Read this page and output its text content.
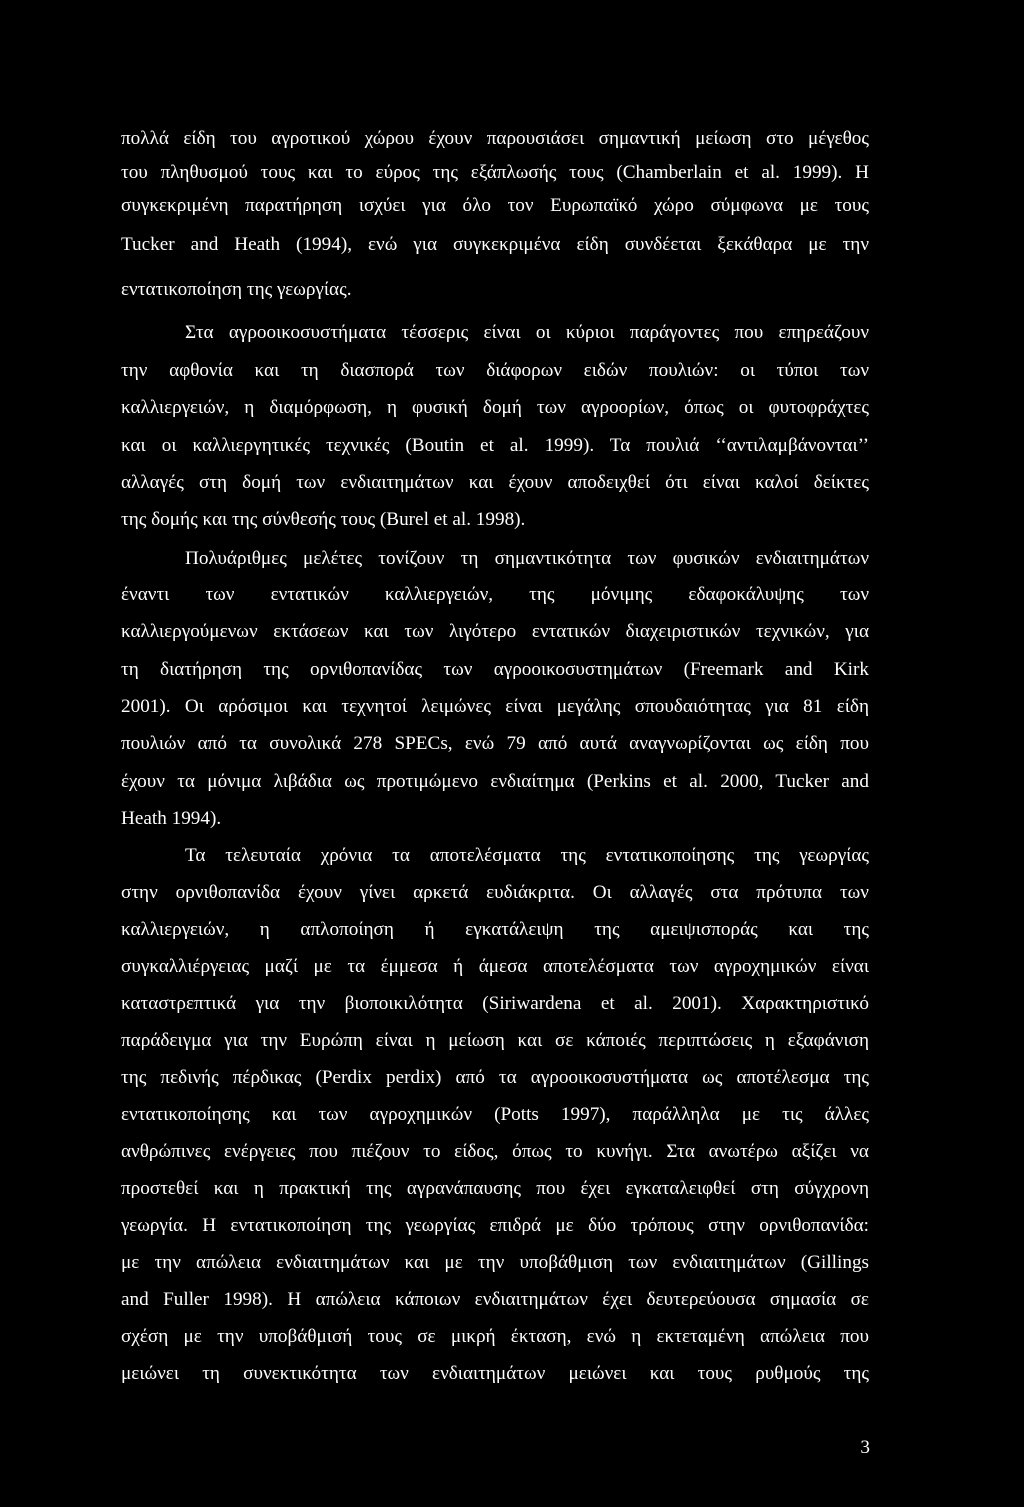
πολλά είδη του αγροτικού χώρου έχουν παρουσιάσει σημαντική μείωση στο μέγεθος
του πληθυσμού τους και το εύρος της εξάπλωσής τους (Chamberlain et al. 1999). Η
συγκεκριμένη παρατήρηση ισχύει για όλο τον Ευρωπαϊκό χώρο σύμφωνα με τους
Tucker and Heath (1994), ενώ για συγκεκριμένα είδη συνδέεται ξεκάθαρα με την
εντατικοποίηση της γεωργίας.
Στα αγροοικοσυστήματα τέσσερις είναι οι κύριοι παράγοντες που επηρεάζουν
την αφθονία και τη διασπορά των διάφορων ειδών πουλιών: οι τύποι των
καλλιεργειών, η διαμόρφωση, η φυσική δομή των αγροορίων, όπως οι φυτοφράχτες
και οι καλλιεργητικές τεχνικές (Boutin et al. 1999). Τα πουλιά ‘‘αντιλαμβάνονται’’
αλλαγές στη δομή των ενδιαιτημάτων και έχουν αποδειχθεί ότι είναι καλοί δείκτες
της δομής και της σύνθεσής τους (Burel et al. 1998).
Πολυάριθμες μελέτες τονίζουν τη σημαντικότητα των φυσικών ενδιαιτημάτων
έναντι των εντατικών καλλιεργειών, της μόνιμης εδαφοκάλυψης των
καλλιεργούμενων εκτάσεων και των λιγότερο εντατικών διαχειριστικών τεχνικών, για
τη διατήρηση της ορνιθοπανίδας των αγροοικοσυστημάτων (Freemark and Kirk
2001). Οι αρόσιμοι και τεχνητοί λειμώνες είναι μεγάλης σπουδαιότητας για 81 είδη
πουλιών από τα συνολικά 278 SPECs, ενώ 79 από αυτά αναγνωρίζονται ως είδη που
έχουν τα μόνιμα λιβάδια ως προτιμώμενο ενδιαίτημα (Perkins et al. 2000, Tucker and
Heath 1994).
Τα τελευταία χρόνια τα αποτελέσματα της εντατικοποίησης της γεωργίας
στην ορνιθοπανίδα έχουν γίνει αρκετά ευδιάκριτα. Οι αλλαγές στα πρότυπα των
καλλιεργειών, η απλοποίηση ή εγκατάλειψη της αμειψισποράς και της
συγκαλλιέργειας μαζί με τα έμμεσα ή άμεσα αποτελέσματα των αγροχημικών είναι
καταστρεπτικά για την βιοποικιλότητα (Siriwardena et al. 2001). Χαρακτηριστικό
παράδειγμα για την Ευρώπη είναι η μείωση και σε κάποιές περιπτώσεις η εξαφάνιση
της πεδινής πέρδικας (Perdix perdix) από τα αγροοικοσυστήματα ως αποτέλεσμα της
εντατικοποίησης και των αγροχημικών (Potts 1997), παράλληλα με τις άλλες
ανθρώπινες ενέργειες που πιέζουν το είδος, όπως το κυνήγι. Στα ανωτέρω αξίζει να
προστεθεί και η πρακτική της αγρανάπαυσης που έχει εγκαταλειφθεί στη σύγχρονη
γεωργία. Η εντατικοποίηση της γεωργίας επιδρά με δύο τρόπους στην ορνιθοπανίδα:
με την απώλεια ενδιαιτημάτων και με την υποβάθμιση των ενδιαιτημάτων (Gillings
and Fuller 1998). Η απώλεια κάποιων ενδιαιτημάτων έχει δευτερεύουσα σημασία σε
σχέση με την υποβάθμισή τους σε μικρή έκταση, ενώ η εκτεταμένη απώλεια που
μειώνει τη συνεκτικότητα των ενδιαιτημάτων μειώνει και τους ρυθμούς της
3
